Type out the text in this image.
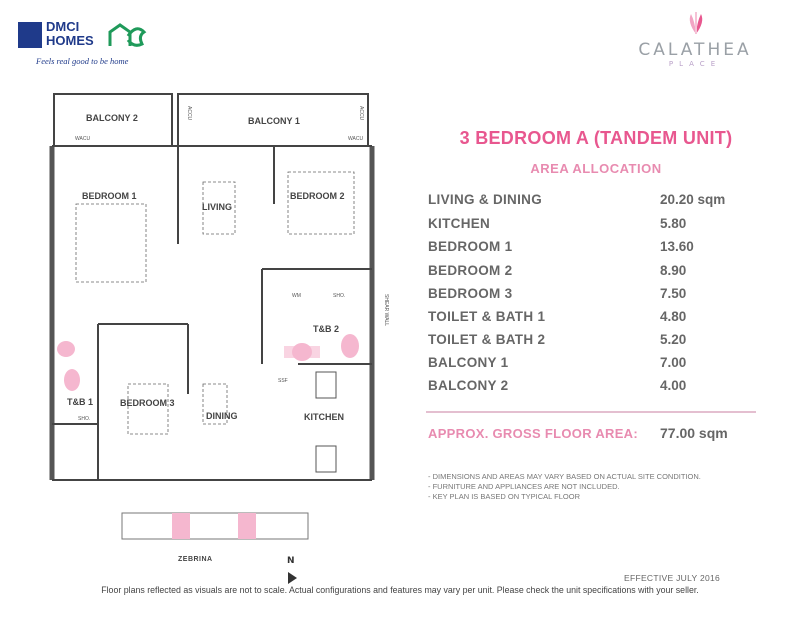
DMCI
HOMES
Feels real good to be home
CALATHEA
PLACE
BALCONY 2	BALCONY 1
BEDROOM 1
LIVING
BEDROOM 2
T&B 2
T&B 1	BEDROOM 3
DINING	KITCHEN
SHEAR WALL
WACU	WACU
ACCU	ACCU
WM	SHO.
SHO.
SSF
ZEBRINA	N
3 BEDROOM A (TANDEM UNIT)
AREA ALLOCATION
LIVING & DINING	20.20 sqm
KITCHEN	5.80
BEDROOM 1	13.60
BEDROOM 2	8.90
BEDROOM 3	7.50
TOILET & BATH 1	4.80
TOILET & BATH 2	5.20
BALCONY 1	7.00
BALCONY 2	4.00
APPROX. GROSS FLOOR AREA: 77.00 sqm
- DIMENSIONS AND AREAS MAY VARY BASED ON ACTUAL SITE CONDITION.
- FURNITURE AND APPLIANCES ARE NOT INCLUDED.
- KEY PLAN IS BASED ON TYPICAL FLOOR
EFFECTIVE JULY 2016
Floor plans reflected as visuals are not to scale. Actual configurations and features may vary per unit. Please check the unit specifications with your seller.
